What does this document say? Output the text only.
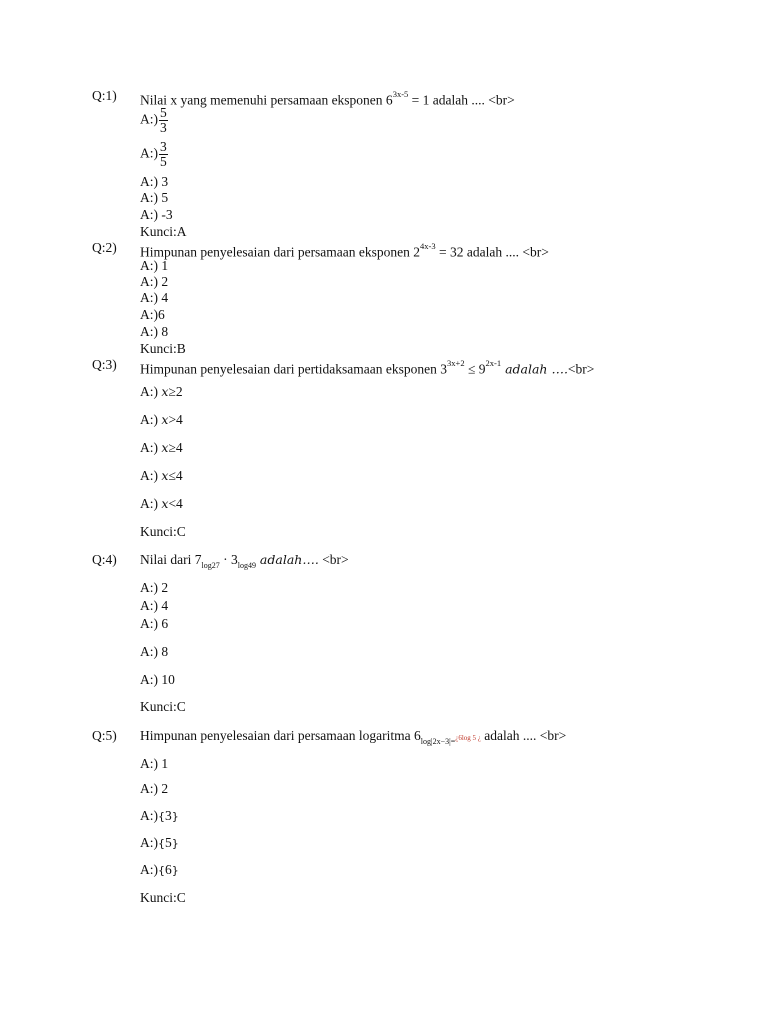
Q:1) Nilai x yang memenuhi persamaan eksponen $6^{3x-5} = 1$ adalah .... <br>
A:) $\frac{5}{3}$
A:) $\frac{3}{5}$
A:) 3
A:) 5
A:) -3
Kunci:A
Q:2) Himpunan penyelesaian dari persamaan eksponen $2^{4x-3} = 32$ adalah .... <br>
A:) 1
A:) 2
A:) 4
A:)6
A:) 8
Kunci:B
Q:3) Himpunan penyelesaian dari pertidaksamaan eksponen $3^{3x+2} \le 9^{2x-1}$ adalah ….<br>
A:) x≥2
A:) x>4
A:) x≥4
A:) x≤4
A:) x<4
Kunci:C
Q:4) Nilai dari $7_{log27} \cdot 3_{log49}$ adalah…. <br>
A:) 2
A:) 4
A:) 6
A:) 8
A:) 10
Kunci:C
Q:5) Himpunan penyelesaian dari persamaan logaritma $6_{log|2x-3|=}¿6\log$ 5 ¿ adalah .... <br>
A:) 1
A:) 2
A:){3}
A:){5}
A:){6}
Kunci:C
